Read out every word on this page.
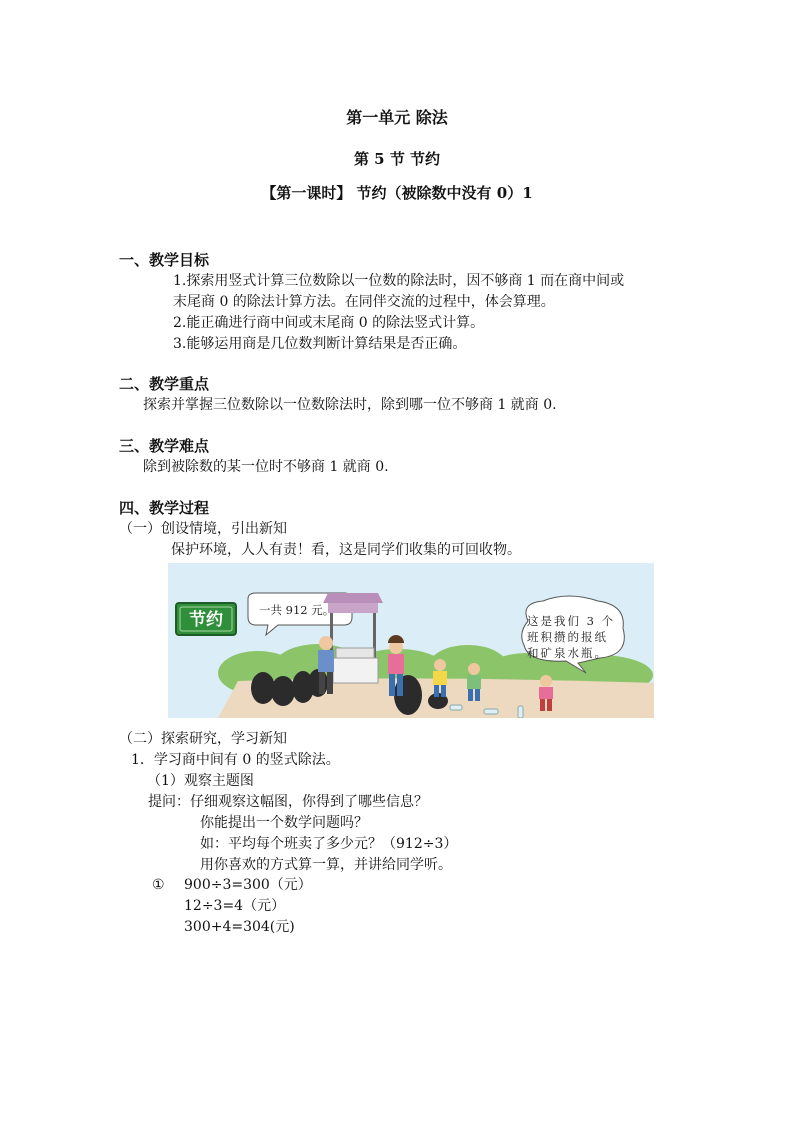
第一单元 除法
第 5 节 节约
【第一课时】 节约（被除数中没有 0）1
一、教学目标
1.探索用竖式计算三位数除以一位数的除法时，因不够商 1 而在商中间或
末尾商 0 的除法计算方法。在同伴交流的过程中，体会算理。
2.能正确进行商中间或末尾商 0 的除法竖式计算。
3.能够运用商是几位数判断计算结果是否正确。
二、教学重点
探索并掌握三位数除以一位数除法时，除到哪一位不够商 1 就商 0.
三、教学难点
除到被除数的某一位时不够商 1 就商 0.
四、教学过程
（一）创设情境，引出新知
保护环境，人人有责！看，这是同学们收集的可回收物。
节约	一共 912 元。
这是我们 3 个班积攒的报纸和矿泉水瓶。
（二）探索研究，学习新知
1．学习商中间有 0 的竖式除法。
（1）观察主题图
提问：仔细观察这幅图，你得到了哪些信息？
你能提出一个数学问题吗？
如：平均每个班卖了多少元？（912÷3）
用你喜欢的方式算一算，并讲给同学听。
① 900÷3=300（元）
12÷3=4（元）
300+4=304(元)
